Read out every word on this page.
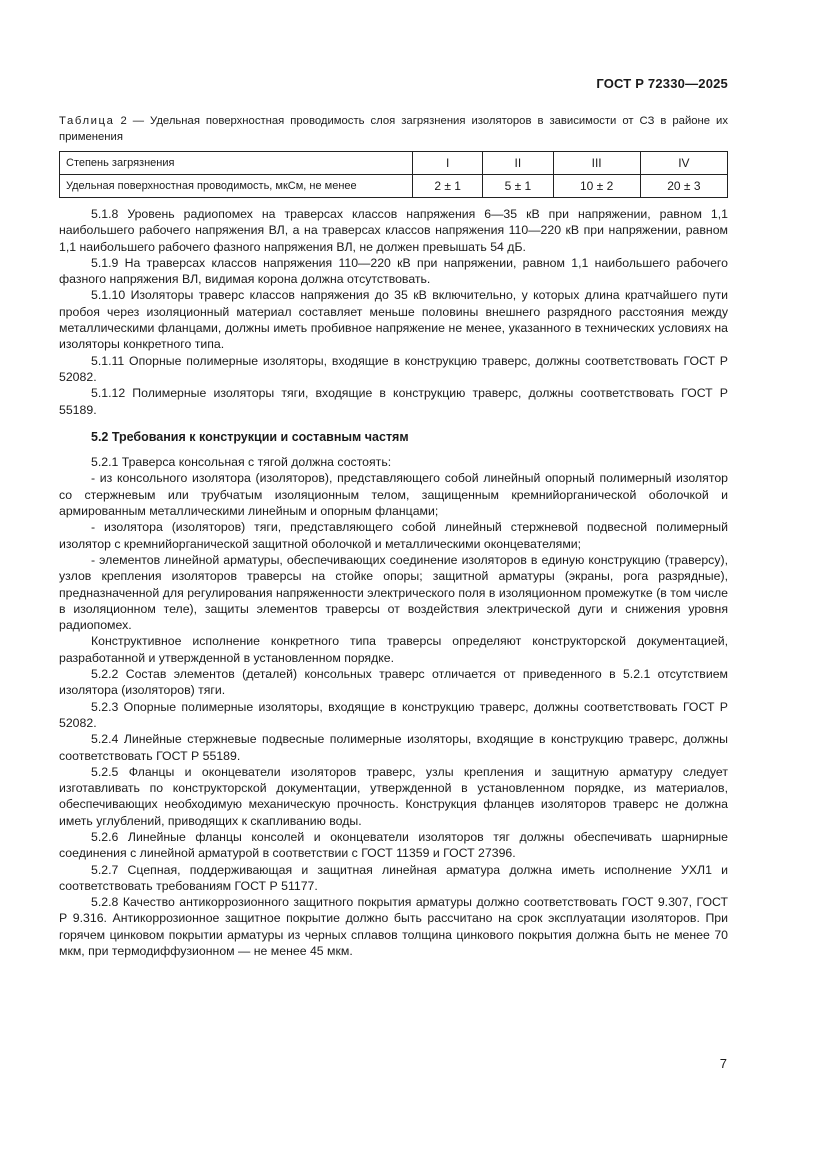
ГОСТ Р 72330—2025
Таблица 2 — Удельная поверхностная проводимость слоя загрязнения изоляторов в зависимости от СЗ в районе их применения
Степень загрязнения	I	II	III	IV
Удельная поверхностная проводимость, мкСм, не менее	2 ± 1	5 ± 1	10 ± 2	20 ± 3

5.1.8 Уровень радиопомех на траверсах классов напряжения 6—35 кВ при напряжении, равном 1,1 наибольшего рабочего напряжения ВЛ, а на траверсах классов напряжения 110—220 кВ при напряжении, равном 1,1 наибольшего рабочего фазного напряжения ВЛ, не должен превышать 54 дБ.

5.1.9 На траверсах классов напряжения 110—220 кВ при напряжении, равном 1,1 наибольшего рабочего фазного напряжения ВЛ, видимая корона должна отсутствовать.

5.1.10 Изоляторы траверс классов напряжения до 35 кВ включительно, у которых длина кратчайшего пути пробоя через изоляционный материал составляет меньше половины внешнего разрядного расстояния между металлическими фланцами, должны иметь пробивное напряжение не менее, указанного в технических условиях на изоляторы конкретного типа.

5.1.11 Опорные полимерные изоляторы, входящие в конструкцию траверс, должны соответствовать ГОСТ Р 52082.

5.1.12 Полимерные изоляторы тяги, входящие в конструкцию траверс, должны соответствовать ГОСТ Р 55189.

5.2 Требования к конструкции и составным частям

5.2.1 Траверса консольная с тягой должна состоять:

- из консольного изолятора (изоляторов), представляющего собой линейный опорный полимерный изолятор со стержневым или трубчатым изоляционным телом, защищенным кремнийорганической оболочкой и армированным металлическими линейным и опорным фланцами;

- изолятора (изоляторов) тяги, представляющего собой линейный стержневой подвесной полимерный изолятор с кремнийорганической защитной оболочкой и металлическими оконцевателями;

- элементов линейной арматуры, обеспечивающих соединение изоляторов в единую конструкцию (траверсу), узлов крепления изоляторов траверсы на стойке опоры; защитной арматуры (экраны, рога разрядные), предназначенной для регулирования напряженности электрического поля в изоляционном промежутке (в том числе в изоляционном теле), защиты элементов траверсы от воздействия электрической дуги и снижения уровня радиопомех.

Конструктивное исполнение конкретного типа траверсы определяют конструкторской документацией, разработанной и утвержденной в установленном порядке.

5.2.2 Состав элементов (деталей) консольных траверс отличается от приведенного в 5.2.1 отсутствием изолятора (изоляторов) тяги.

5.2.3 Опорные полимерные изоляторы, входящие в конструкцию траверс, должны соответствовать ГОСТ Р 52082.

5.2.4 Линейные стержневые подвесные полимерные изоляторы, входящие в конструкцию траверс, должны соответствовать ГОСТ Р 55189.

5.2.5 Фланцы и оконцеватели изоляторов траверс, узлы крепления и защитную арматуру следует изготавливать по конструкторской документации, утвержденной в установленном порядке, из материалов, обеспечивающих необходимую механическую прочность. Конструкция фланцев изоляторов траверс не должна иметь углублений, приводящих к скапливанию воды.

5.2.6 Линейные фланцы консолей и оконцеватели изоляторов тяг должны обеспечивать шарнирные соединения с линейной арматурой в соответствии с ГОСТ 11359 и ГОСТ 27396.

5.2.7 Сцепная, поддерживающая и защитная линейная арматура должна иметь исполнение УХЛ1 и соответствовать требованиям ГОСТ Р 51177.

5.2.8 Качество антикоррозионного защитного покрытия арматуры должно соответствовать ГОСТ 9.307, ГОСТ Р 9.316. Антикоррозионное защитное покрытие должно быть рассчитано на срок эксплуатации изоляторов. При горячем цинковом покрытии арматуры из черных сплавов толщина цинкового покрытия должна быть не менее 70 мкм, при термодиффузионном — не менее 45 мкм.

7
